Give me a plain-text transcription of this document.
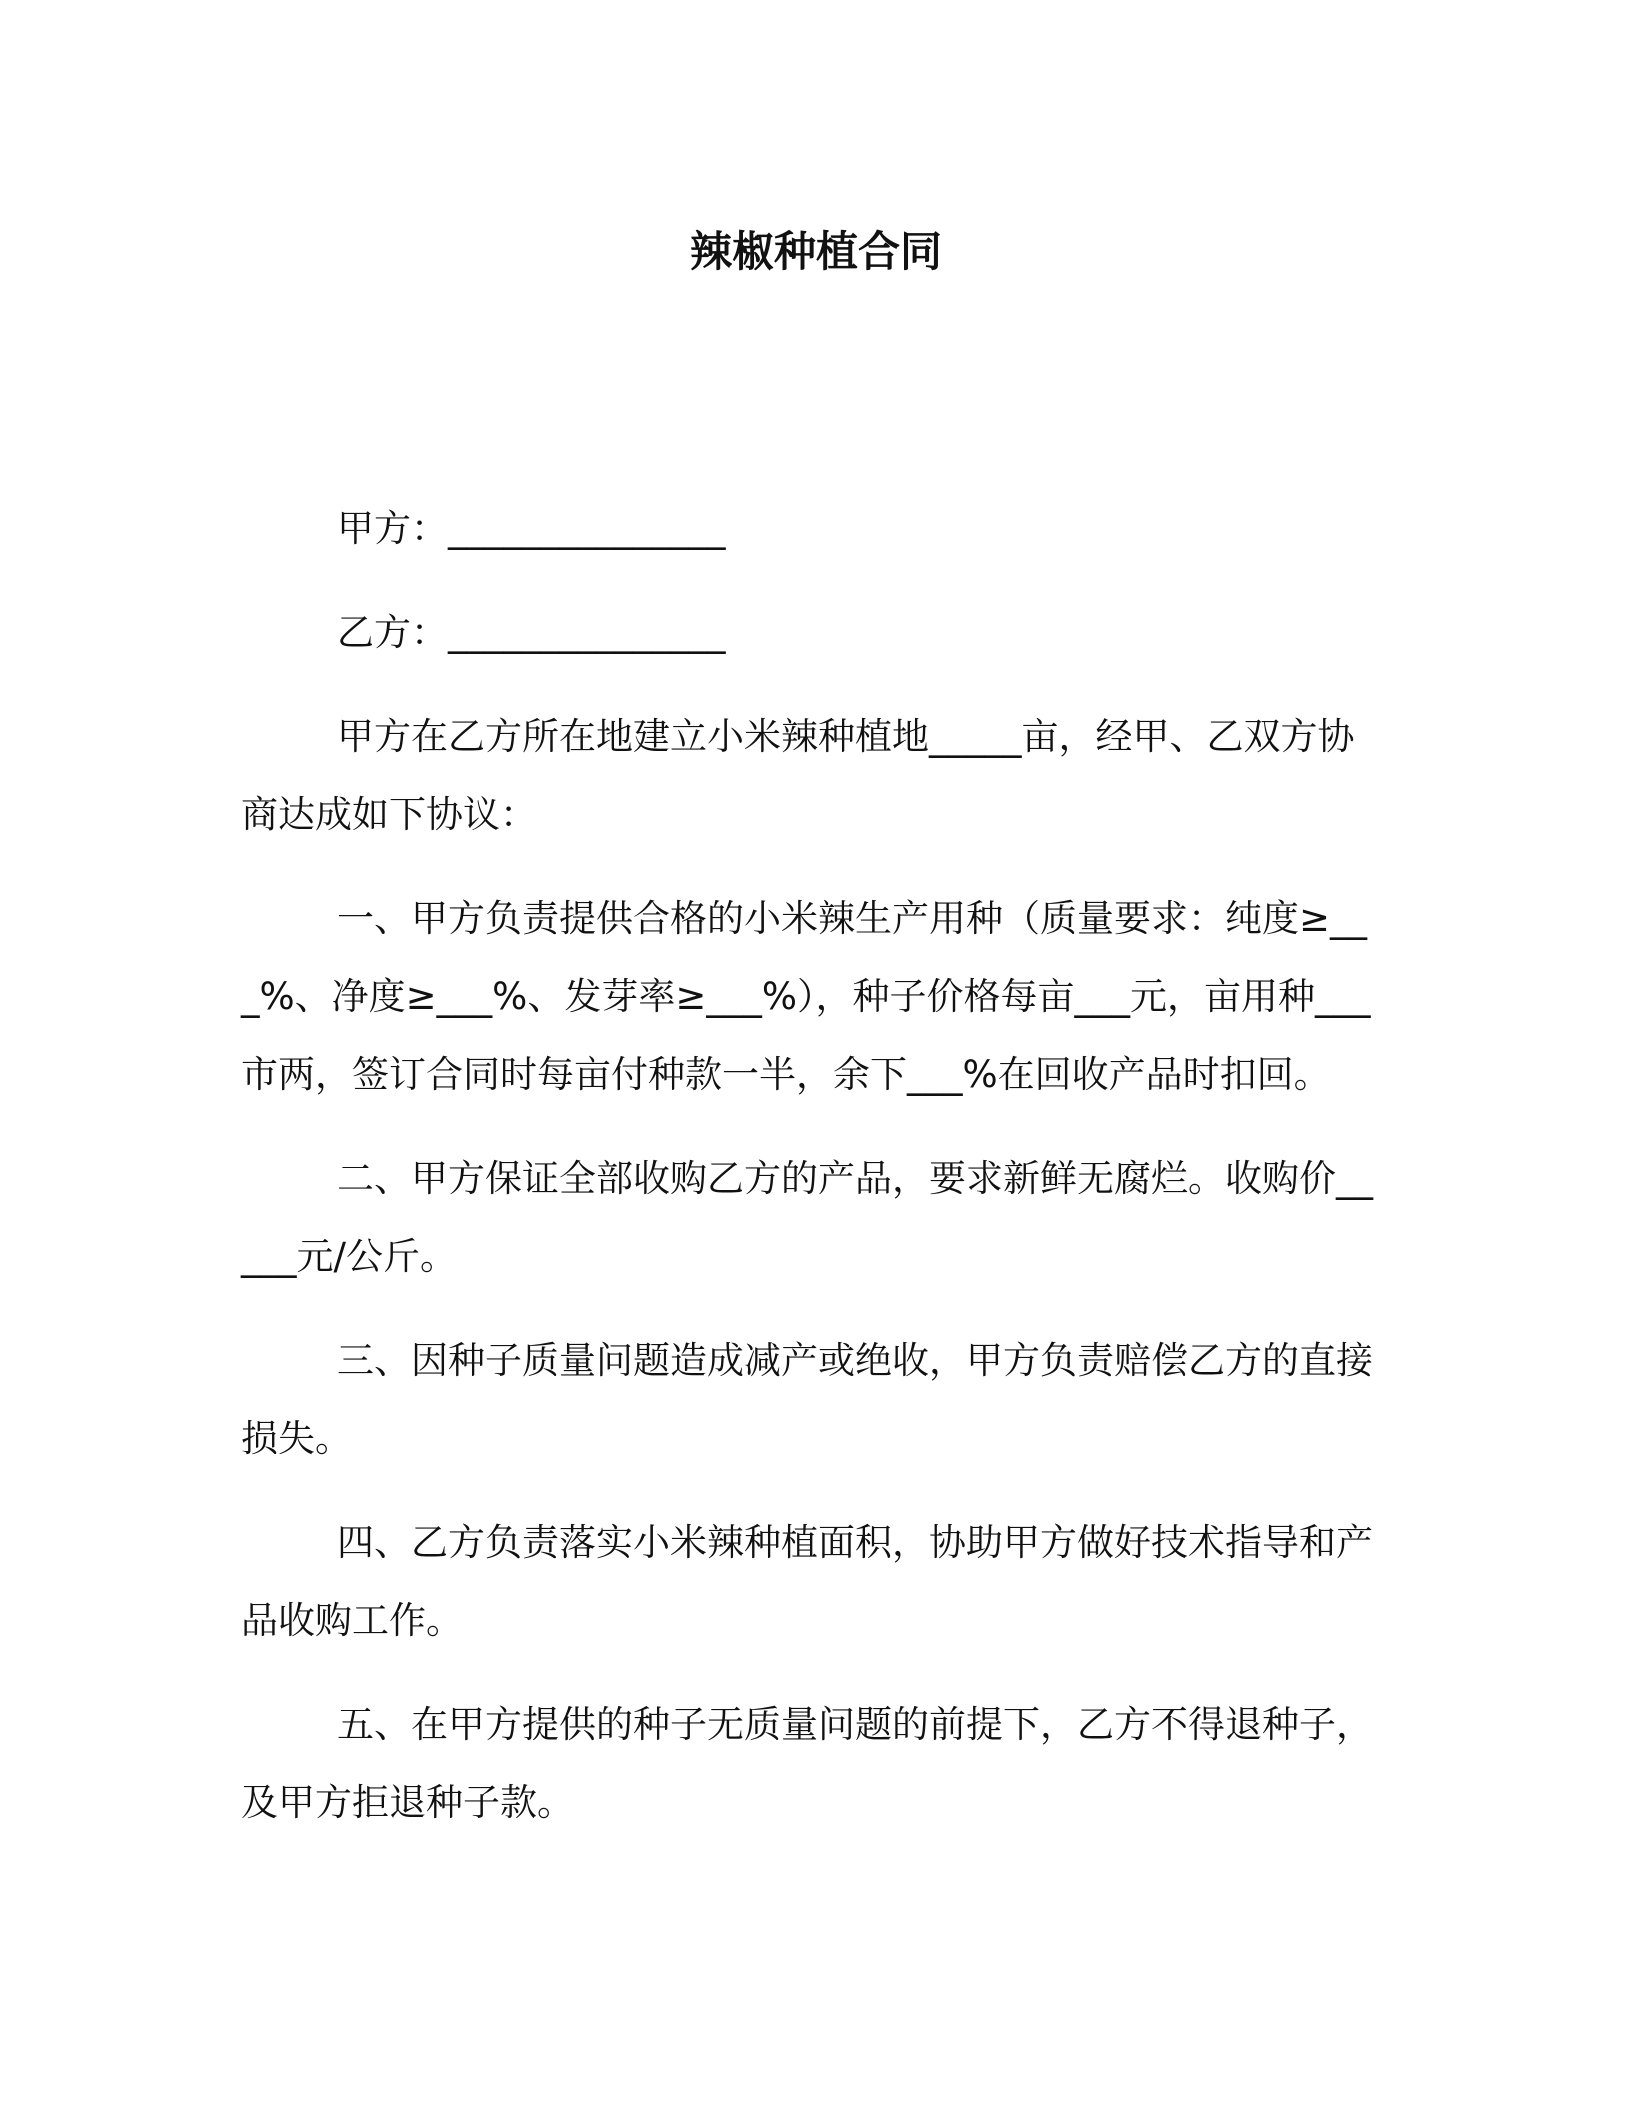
辣椒种植合同
甲方：_______________
乙方：_______________
甲方在乙方所在地建立小米辣种植地_____亩，经甲、乙双方协商达成如下协议：
一、甲方负责提供合格的小米辣生产用种（质量要求：纯度≥___%、净度≥___%、发芽率≥___%），种子价格每亩___元，亩用种___市两，签订合同时每亩付种款一半，余下___%在回收产品时扣回。
二、甲方保证全部收购乙方的产品，要求新鲜无腐烂。收购价_____元/公斤。
三、因种子质量问题造成减产或绝收，甲方负责赔偿乙方的直接损失。
四、乙方负责落实小米辣种植面积，协助甲方做好技术指导和产品收购工作。
五、在甲方提供的种子无质量问题的前提下，乙方不得退种子，及甲方拒退种子款。
